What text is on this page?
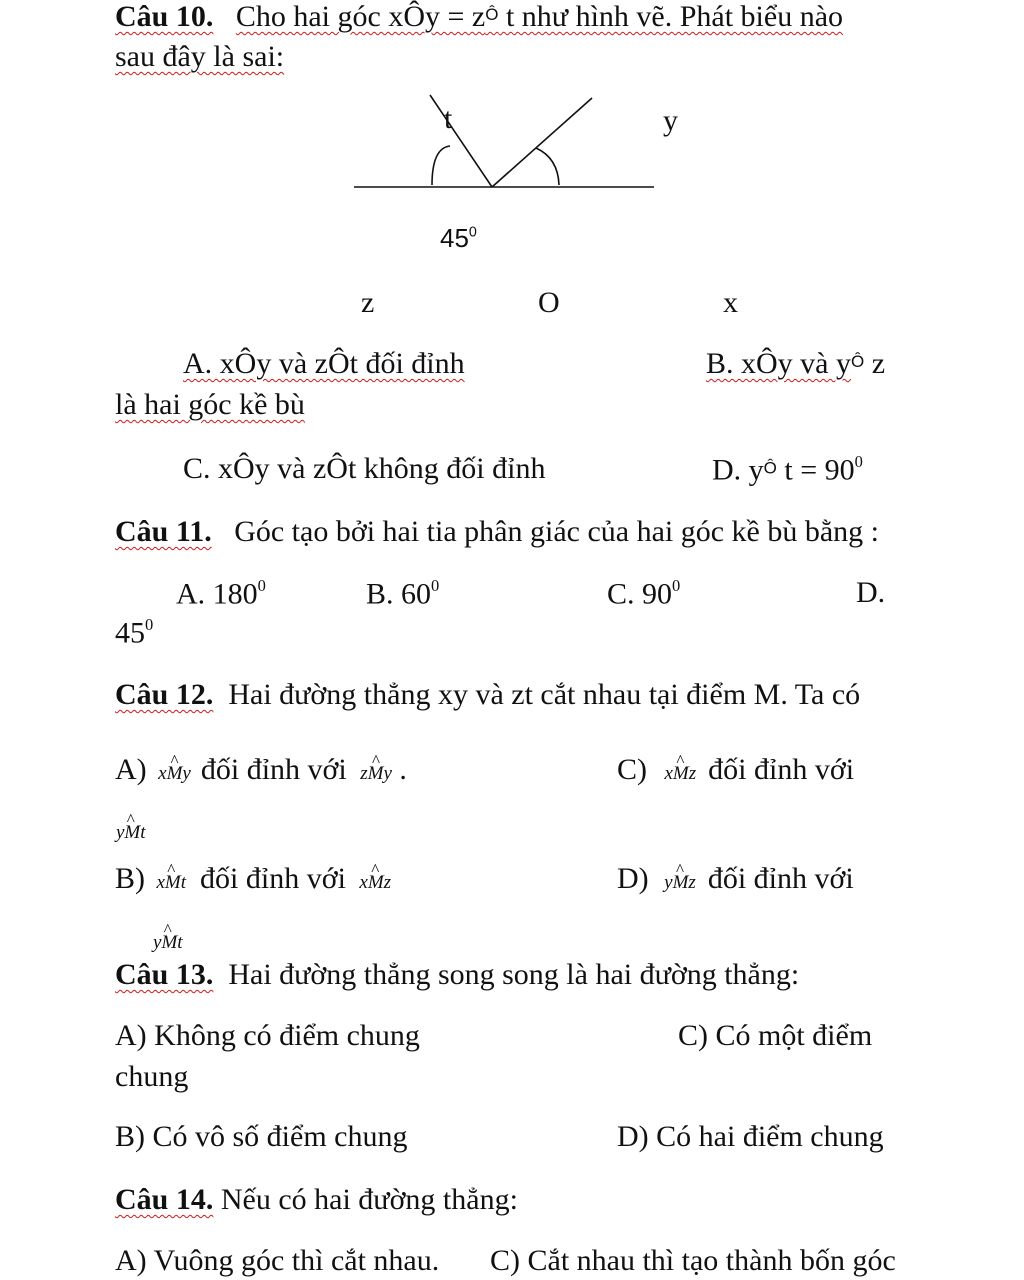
Câu 10. Cho hai góc xÔy = zÔ t như hình vẽ. Phát biểu nào
sau đây là sai:
t	y
$45^0$
z	O	x
A. xÔy và zÔt đối đỉnh	B. xÔy và yÔ z
là hai góc kề bù
C. xÔy và zÔt không đối đỉnh	D. yÔ $t = 90^0$
Câu 11. Góc tạo bởi hai tia phân giác của hai góc kề bù bằng :
A. $180^0$	B. $60^0$	C. $90^0$	D.
$45^0$
Câu 12. Hai đường thẳng xy và zt cắt nhau tại điểm M. Ta có
A) xMy ^ đối đỉnh với zMy ^ .	C) xMz ^ đối đỉnh với
yMt ^
B) xMt ^ đối đỉnh với xMz ^	D) yMz ^ đối đỉnh với
yMt ^
Câu 13. Hai đường thẳng song song là hai đường thẳng:
A) Không có điểm chung	C) Có một điểm
chung
B) Có vô số điểm chung	D) Có hai điểm chung
Câu 14. Nếu có hai đường thẳng:
A) Vuông góc thì cắt nhau. C) Cắt nhau thì tạo thành bốn góc
